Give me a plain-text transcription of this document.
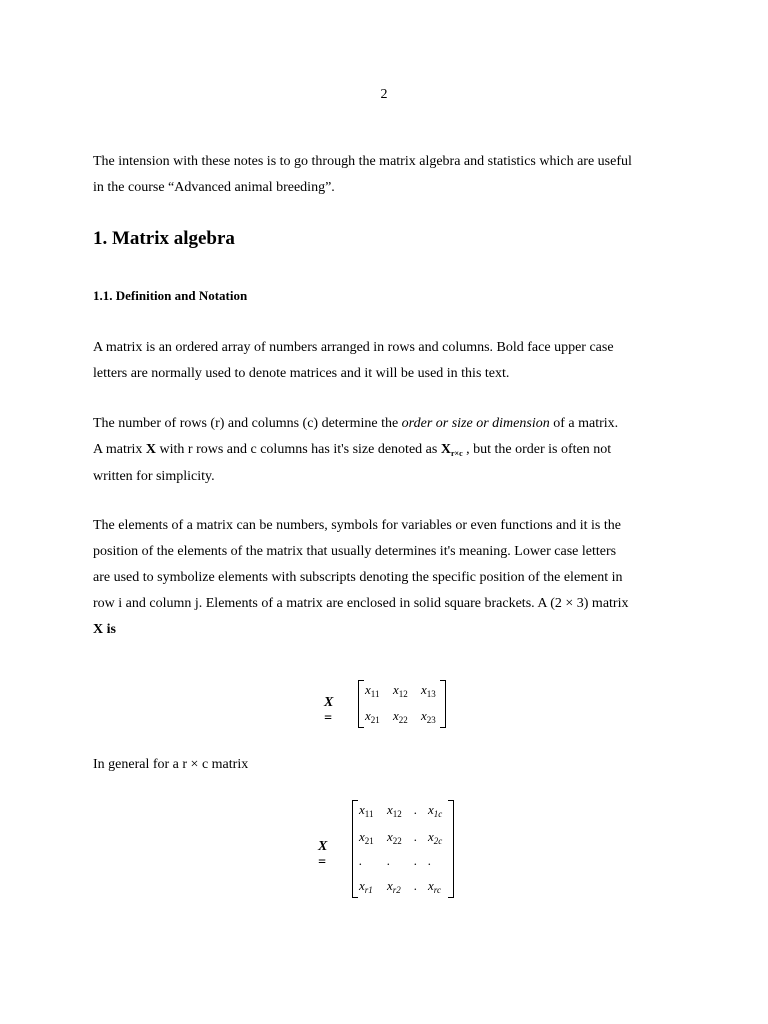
2

The intension with these notes is to go through the matrix algebra and statistics which are useful
in the course “Advanced animal breeding”.

1. Matrix algebra
1.1. Definition and Notation

A matrix is an ordered array of numbers arranged in rows and columns. Bold face upper case
letters are normally used to denote matrices and it will be used in this text.

The number of rows (r) and columns (c) determine the order or size or dimension of a matrix.
A matrix X with r rows and c columns has it's size denoted as $X_{r\times c}$ , but the order is often not
written for simplicity.

The elements of a matrix can be numbers, symbols for variables or even functions and it is the
position of the elements of the matrix that usually determines it's meaning. Lower case letters
are used to symbolize elements with subscripts denoting the specific position of the element in
row i and column j. Elements of a matrix are enclosed in solid square brackets. A (2 × 3) matrix
X is

X =
$x_{11}$ $x_{12}$ $x_{13}$
$x_{21}$ $x_{22}$ $x_{23}$

In general for a r × c matrix

X =
$x_{11}$ $x_{12}$ . $x_{1c}$
$x_{21}$ $x_{22}$ . $x_{2c}$
. . . .
$x_{r1}$ $x_{r2}$ . $x_{rc}$
